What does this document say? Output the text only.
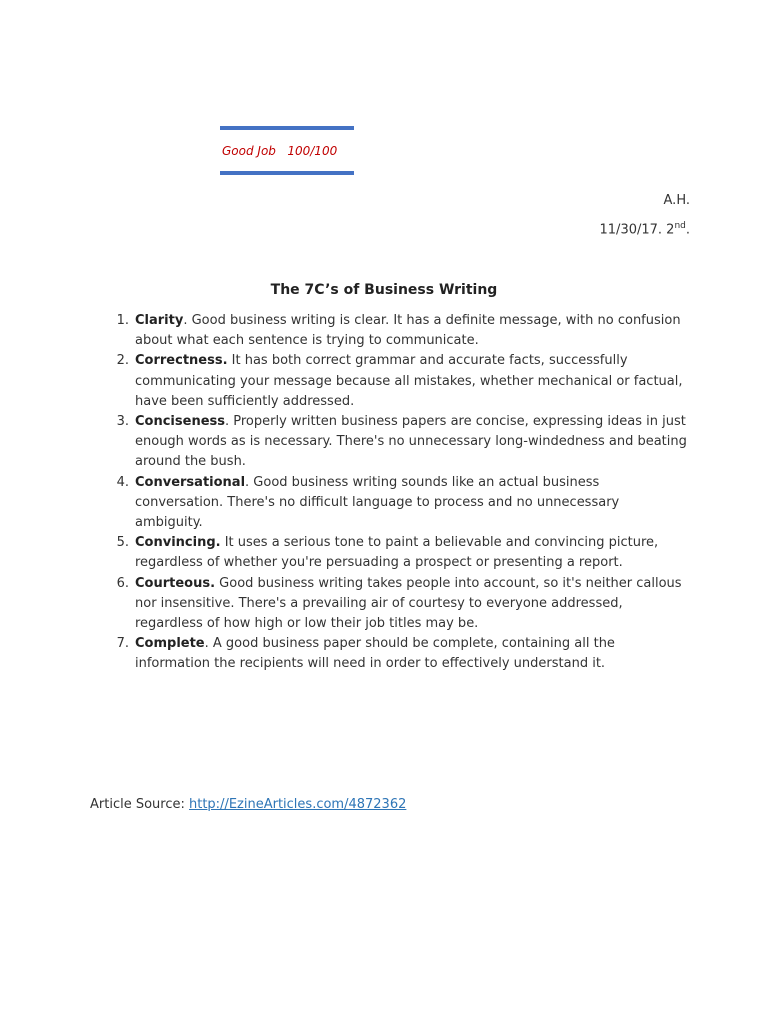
Good Job   100/100
A.H.
11/30/17. 2nd.
The 7C’s of Business Writing
1. Clarity. Good business writing is clear. It has a definite message, with no confusion about what each sentence is trying to communicate.
2. Correctness. It has both correct grammar and accurate facts, successfully communicating your message because all mistakes, whether mechanical or factual, have been sufficiently addressed.
3. Conciseness. Properly written business papers are concise, expressing ideas in just enough words as is necessary. There's no unnecessary long-windedness and beating around the bush.
4. Conversational. Good business writing sounds like an actual business conversation. There's no difficult language to process and no unnecessary ambiguity.
5. Convincing. It uses a serious tone to paint a believable and convincing picture, regardless of whether you're persuading a prospect or presenting a report.
6. Courteous. Good business writing takes people into account, so it's neither callous nor insensitive. There's a prevailing air of courtesy to everyone addressed, regardless of how high or low their job titles may be.
7. Complete. A good business paper should be complete, containing all the information the recipients will need in order to effectively understand it.
Article Source: http://EzineArticles.com/4872362
